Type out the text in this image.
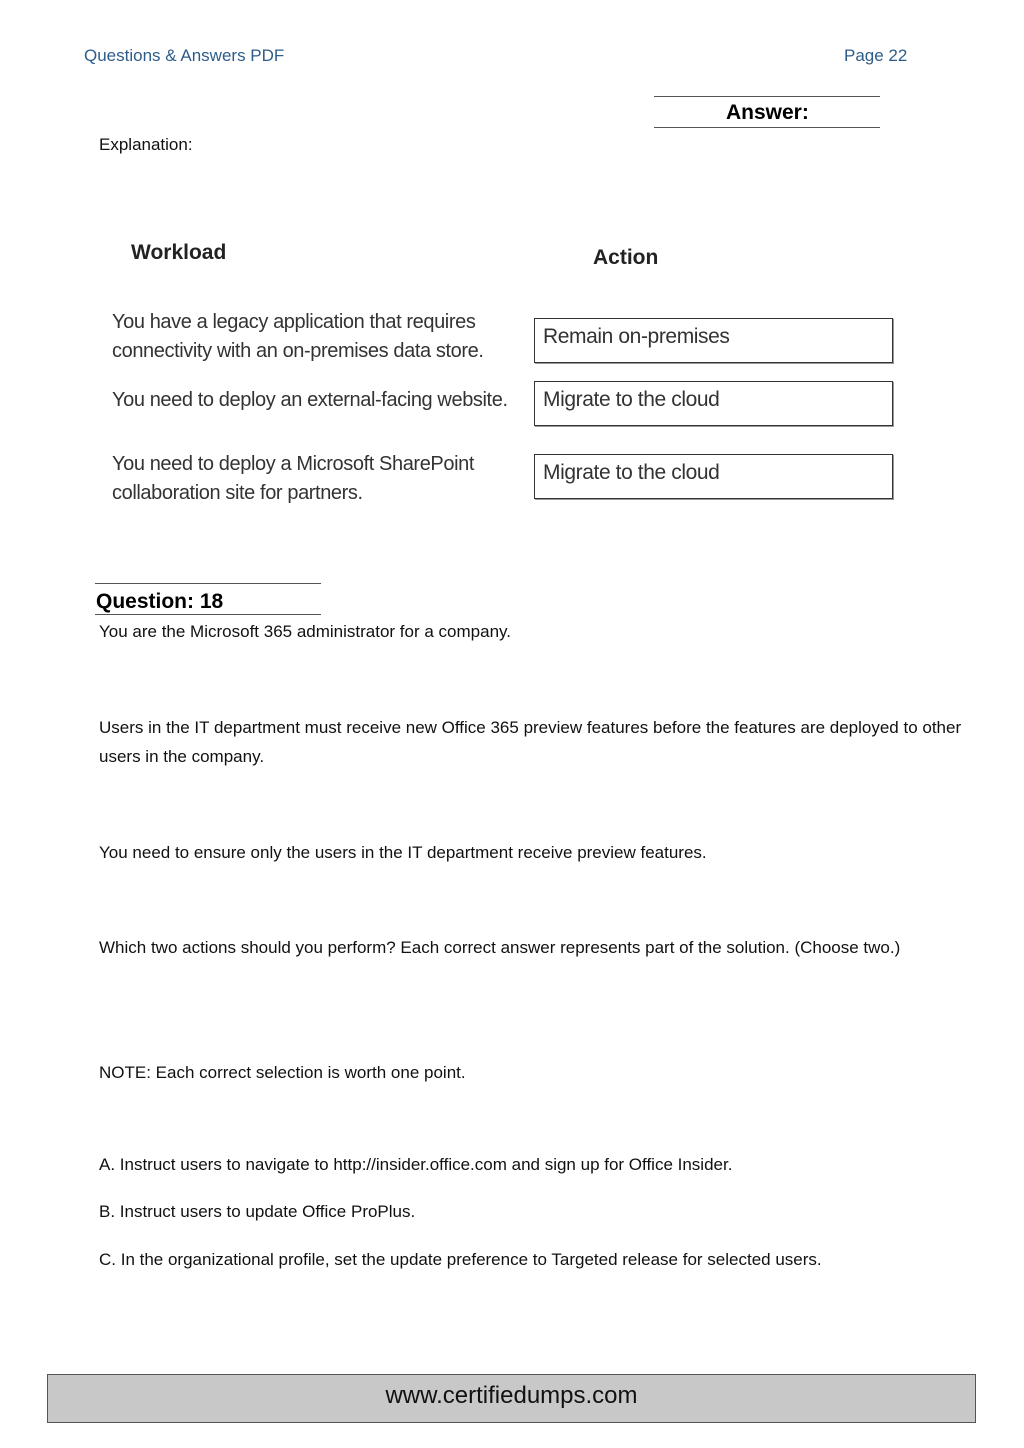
Questions & Answers PDF	Page 22
Answer:
Explanation:
Workload	Action
You have a legacy application that requires
connectivity with an on-premises data store.
Remain on-premises
You need to deploy an external-facing website. Migrate to the cloud
You need to deploy a Microsoft SharePoint
collaboration site for partners.
Migrate to the cloud
Question: 18
You are the Microsoft 365 administrator for a company.
Users in the IT department must receive new Office 365 preview features before the features are deployed to other users in the company.
You need to ensure only the users in the IT department receive preview features.
Which two actions should you perform? Each correct answer represents part of the solution. (Choose two.)
NOTE: Each correct selection is worth one point.
A. Instruct users to navigate to http://insider.office.com and sign up for Office Insider.
B. Instruct users to update Office ProPlus.
C. In the organizational profile, set the update preference to Targeted release for selected users.
www.certifiedumps.com
